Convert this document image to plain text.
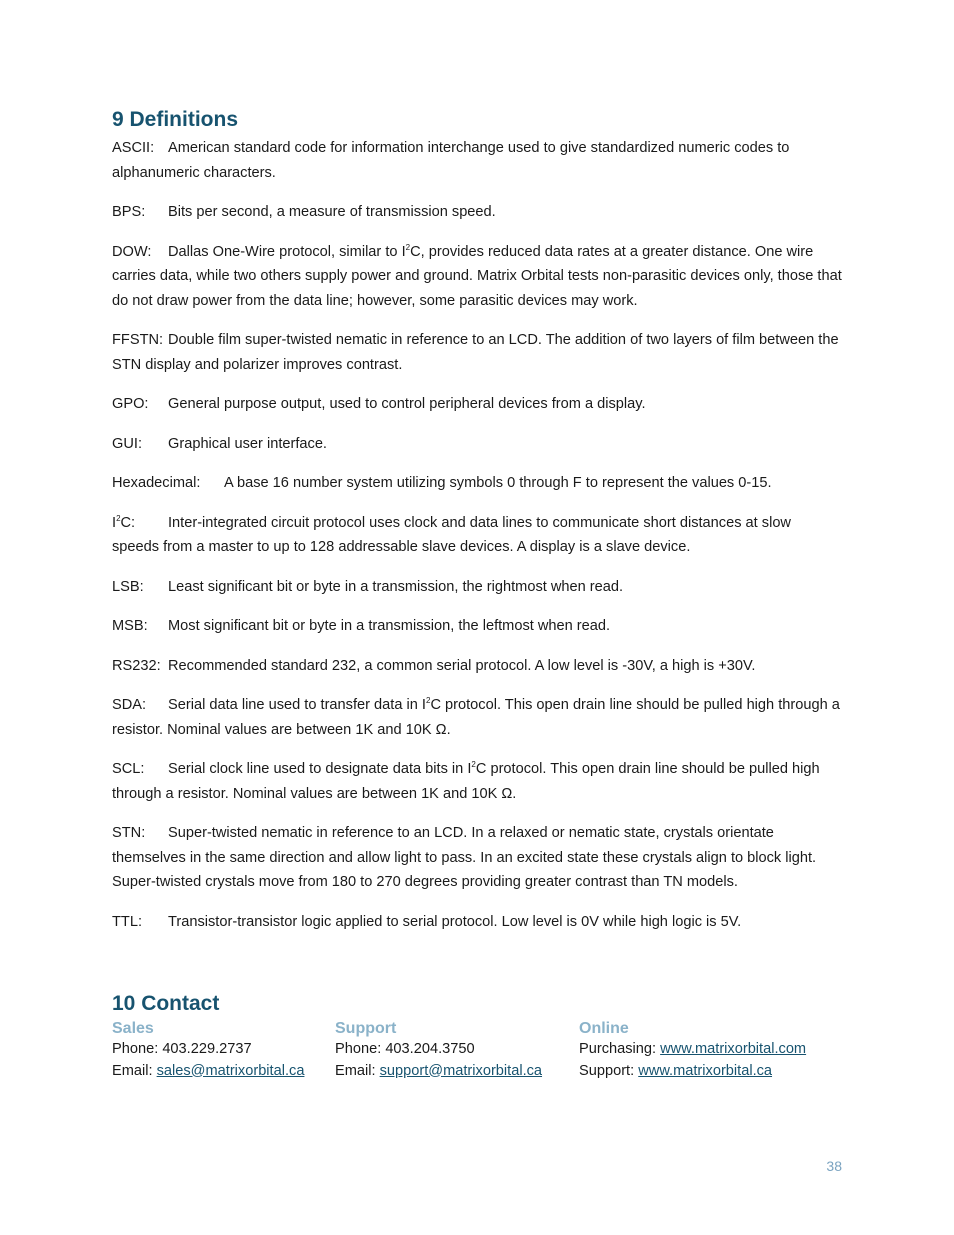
9 Definitions

ASCII: American standard code for information interchange used to give standardized numeric codes to alphanumeric characters.

BPS: Bits per second, a measure of transmission speed.

DOW: Dallas One-Wire protocol, similar to $I^2C$, provides reduced data rates at a greater distance. One wire carries data, while two others supply power and ground. Matrix Orbital tests non-parasitic devices only, those that do not draw power from the data line; however, some parasitic devices may work.

FFSTN: Double film super-twisted nematic in reference to an LCD. The addition of two layers of film between the STN display and polarizer improves contrast.

GPO: General purpose output, used to control peripheral devices from a display.

GUI: Graphical user interface.

Hexadecimal: A base 16 number system utilizing symbols 0 through F to represent the values 0-15.

$I^2C$: Inter-integrated circuit protocol uses clock and data lines to communicate short distances at slow speeds from a master to up to 128 addressable slave devices. A display is a slave device.

LSB: Least significant bit or byte in a transmission, the rightmost when read.

MSB: Most significant bit or byte in a transmission, the leftmost when read.

RS232: Recommended standard 232, a common serial protocol. A low level is -30V, a high is +30V.

SDA: Serial data line used to transfer data in $I^2C$ protocol. This open drain line should be pulled high through a resistor. Nominal values are between 1K and 10K Ω.

SCL: Serial clock line used to designate data bits in $I^2C$ protocol. This open drain line should be pulled high through a resistor. Nominal values are between 1K and 10K Ω.

STN: Super-twisted nematic in reference to an LCD. In a relaxed or nematic state, crystals orientate themselves in the same direction and allow light to pass. In an excited state these crystals align to block light. Super-twisted crystals move from 180 to 270 degrees providing greater contrast than TN models.

TTL: Transistor-transistor logic applied to serial protocol. Low level is 0V while high logic is 5V.

10 Contact
Sales
Phone: 403.229.2737
Email: sales@matrixorbital.ca
Support
Phone: 403.204.3750
Email: support@matrixorbital.ca
Online
Purchasing: www.matrixorbital.com
Support: www.matrixorbital.ca
38
